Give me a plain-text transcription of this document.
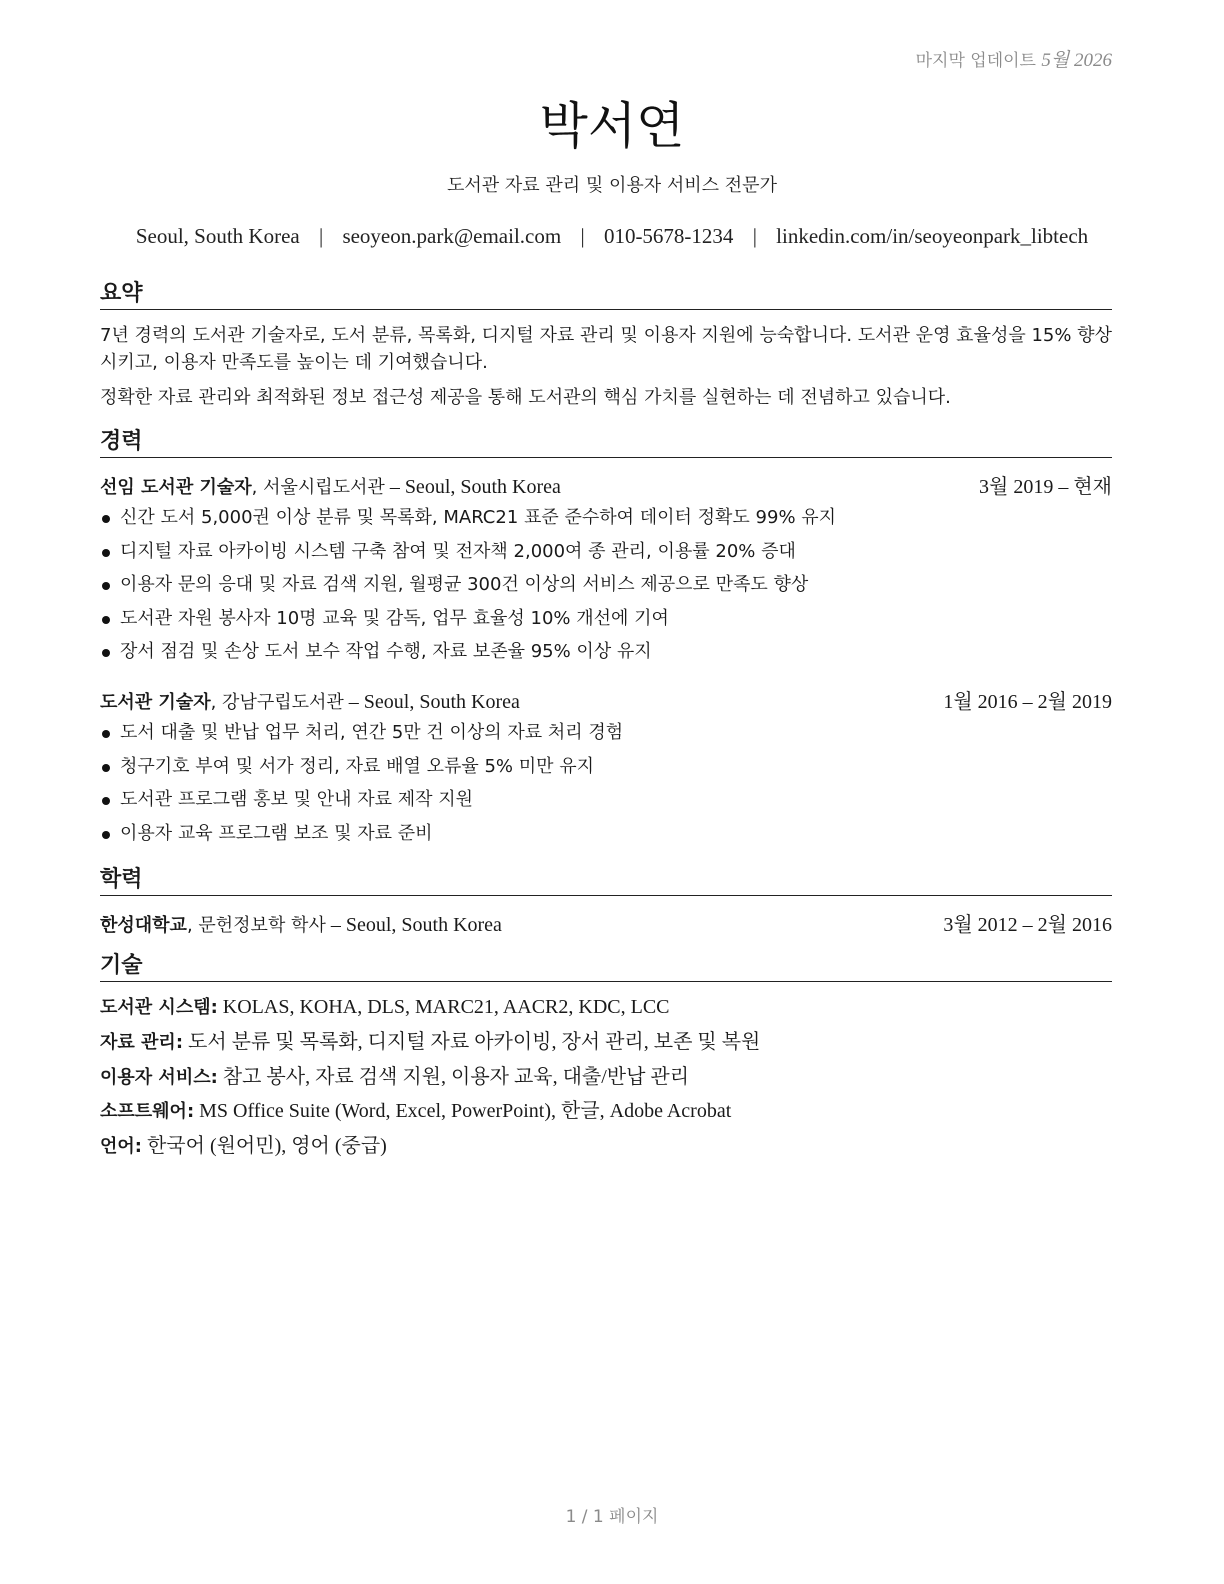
마지막 업데이트 5월 2026
박서연
도서관 자료 관리 및 이용자 서비스 전문가
Seoul, South Korea | seoyeon.park@email.com | 010-5678-1234 | linkedin.com/in/seoyeonpark_libtech
요약

7년 경력의 도서관 기술자로, 도서 분류, 목록화, 디지털 자료 관리 및 이용자 지원에 능숙합니다. 도서관 운영 효율성을 15% 향상시키고, 이용자 만족도를 높이는 데 기여했습니다.

정확한 자료 관리와 최적화된 정보 접근성 제공을 통해 도서관의 핵심 가치를 실현하는 데 전념하고 있습니다.

경력
선임 도서관 기술자, 서울시립도서관 – Seoul, South Korea	3월 2019 – 현재
신간 도서 5,000권 이상 분류 및 목록화, MARC21 표준 준수하여 데이터 정확도 99% 유지
디지털 자료 아카이빙 시스템 구축 참여 및 전자책 2,000여 종 관리, 이용률 20% 증대
이용자 문의 응대 및 자료 검색 지원, 월평균 300건 이상의 서비스 제공으로 만족도 향상
도서관 자원 봉사자 10명 교육 및 감독, 업무 효율성 10% 개선에 기여
장서 점검 및 손상 도서 보수 작업 수행, 자료 보존율 95% 이상 유지
도서관 기술자, 강남구립도서관 – Seoul, South Korea	1월 2016 – 2월 2019
도서 대출 및 반납 업무 처리, 연간 5만 건 이상의 자료 처리 경험
청구기호 부여 및 서가 정리, 자료 배열 오류율 5% 미만 유지
도서관 프로그램 홍보 및 안내 자료 제작 지원
이용자 교육 프로그램 보조 및 자료 준비
학력
한성대학교, 문헌정보학 학사 – Seoul, South Korea	3월 2012 – 2월 2016
기술
도서관 시스템: KOLAS, KOHA, DLS, MARC21, AACR2, KDC, LCC
자료 관리: 도서 분류 및 목록화, 디지털 자료 아카이빙, 장서 관리, 보존 및 복원
이용자 서비스: 참고 봉사, 자료 검색 지원, 이용자 교육, 대출/반납 관리
소프트웨어: MS Office Suite (Word, Excel, PowerPoint), 한글, Adobe Acrobat
언어: 한국어 (원어민), 영어 (중급)
1 / 1 페이지
